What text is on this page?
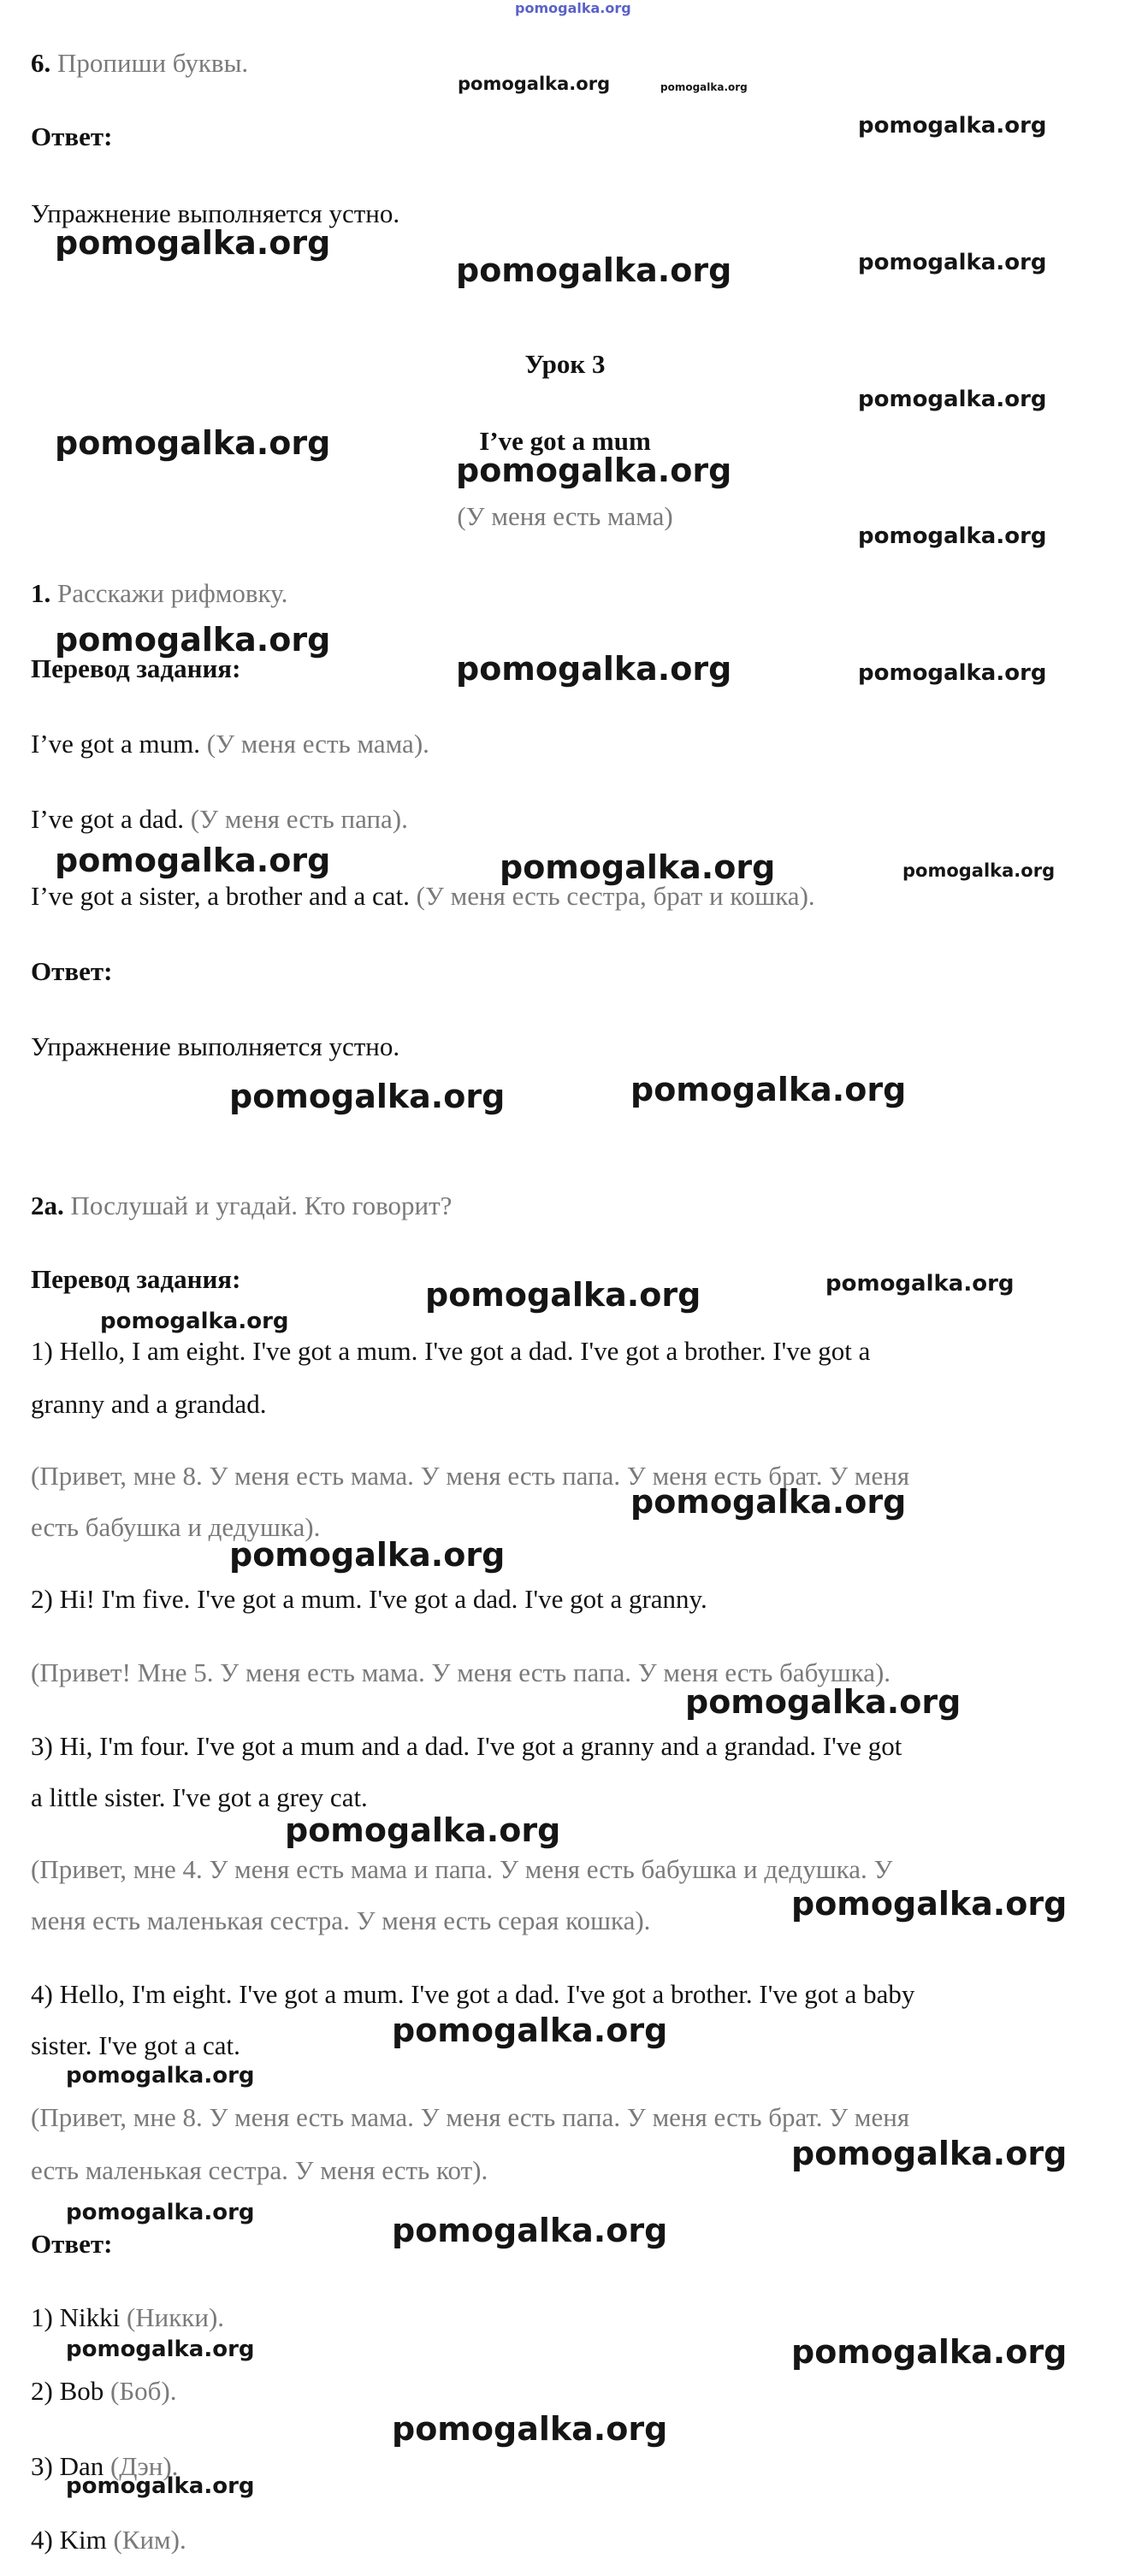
pomogalka.org
6. Пропиши буквы.
Ответ:
Упражнение выполняется устно.
Урок 3
I’ve got a mum
(У меня есть мама)
1. Расскажи рифмовку.
Перевод задания:
I’ve got a mum. (У меня есть мама).
I’ve got a dad. (У меня есть папа).
I’ve got a sister, a brother and a cat. (У меня есть сестра, брат и кошка).
Ответ:
Упражнение выполняется устно.
2a. Послушай и угадай. Кто говорит?
Перевод задания:
1) Hello, I am eight. I've got a mum. I've got a dad. I've got a brother. I've got a
granny and a grandad.
(Привет, мне 8. У меня есть мама. У меня есть папа. У меня есть брат. У меня
есть бабушка и дедушка).
2) Hi! I'm five. I've got a mum. I've got a dad. I've got a granny.
(Привет! Мне 5. У меня есть мама. У меня есть папа. У меня есть бабушка).
3) Hi, I'm four. I've got a mum and a dad. I've got a granny and a grandad. I've got
a little sister. I've got a grey cat.
(Привет, мне 4. У меня есть мама и папа. У меня есть бабушка и дедушка. У
меня есть маленькая сестра. У меня есть серая кошка).
4) Hello, I'm eight. I've got a mum. I've got a dad. I've got a brother. I've got a baby
sister. I've got a cat.
(Привет, мне 8. У меня есть мама. У меня есть папа. У меня есть брат. У меня
есть маленькая сестра. У меня есть кот).
Ответ:
1) Nikki (Никки).
2) Bob (Боб).
3) Dan (Дэн).
4) Kim (Ким).
pomogalka.org	pomogalka.org
pomogalka.org
pomogalka.org
pomogalka.org	pomogalka.org
pomogalka.org
pomogalka.org
pomogalka.org
pomogalka.org
pomogalka.org
pomogalka.org	pomogalka.org
pomogalka.org	pomogalka.org	pomogalka.org
pomogalka.org	pomogalka.org
pomogalka.org	pomogalka.org
pomogalka.org
pomogalka.org
pomogalka.org
pomogalka.org
pomogalka.org
pomogalka.org
pomogalka.org
pomogalka.org
pomogalka.org
pomogalka.org	pomogalka.org
pomogalka.org	pomogalka.org
pomogalka.org
pomogalka.org
